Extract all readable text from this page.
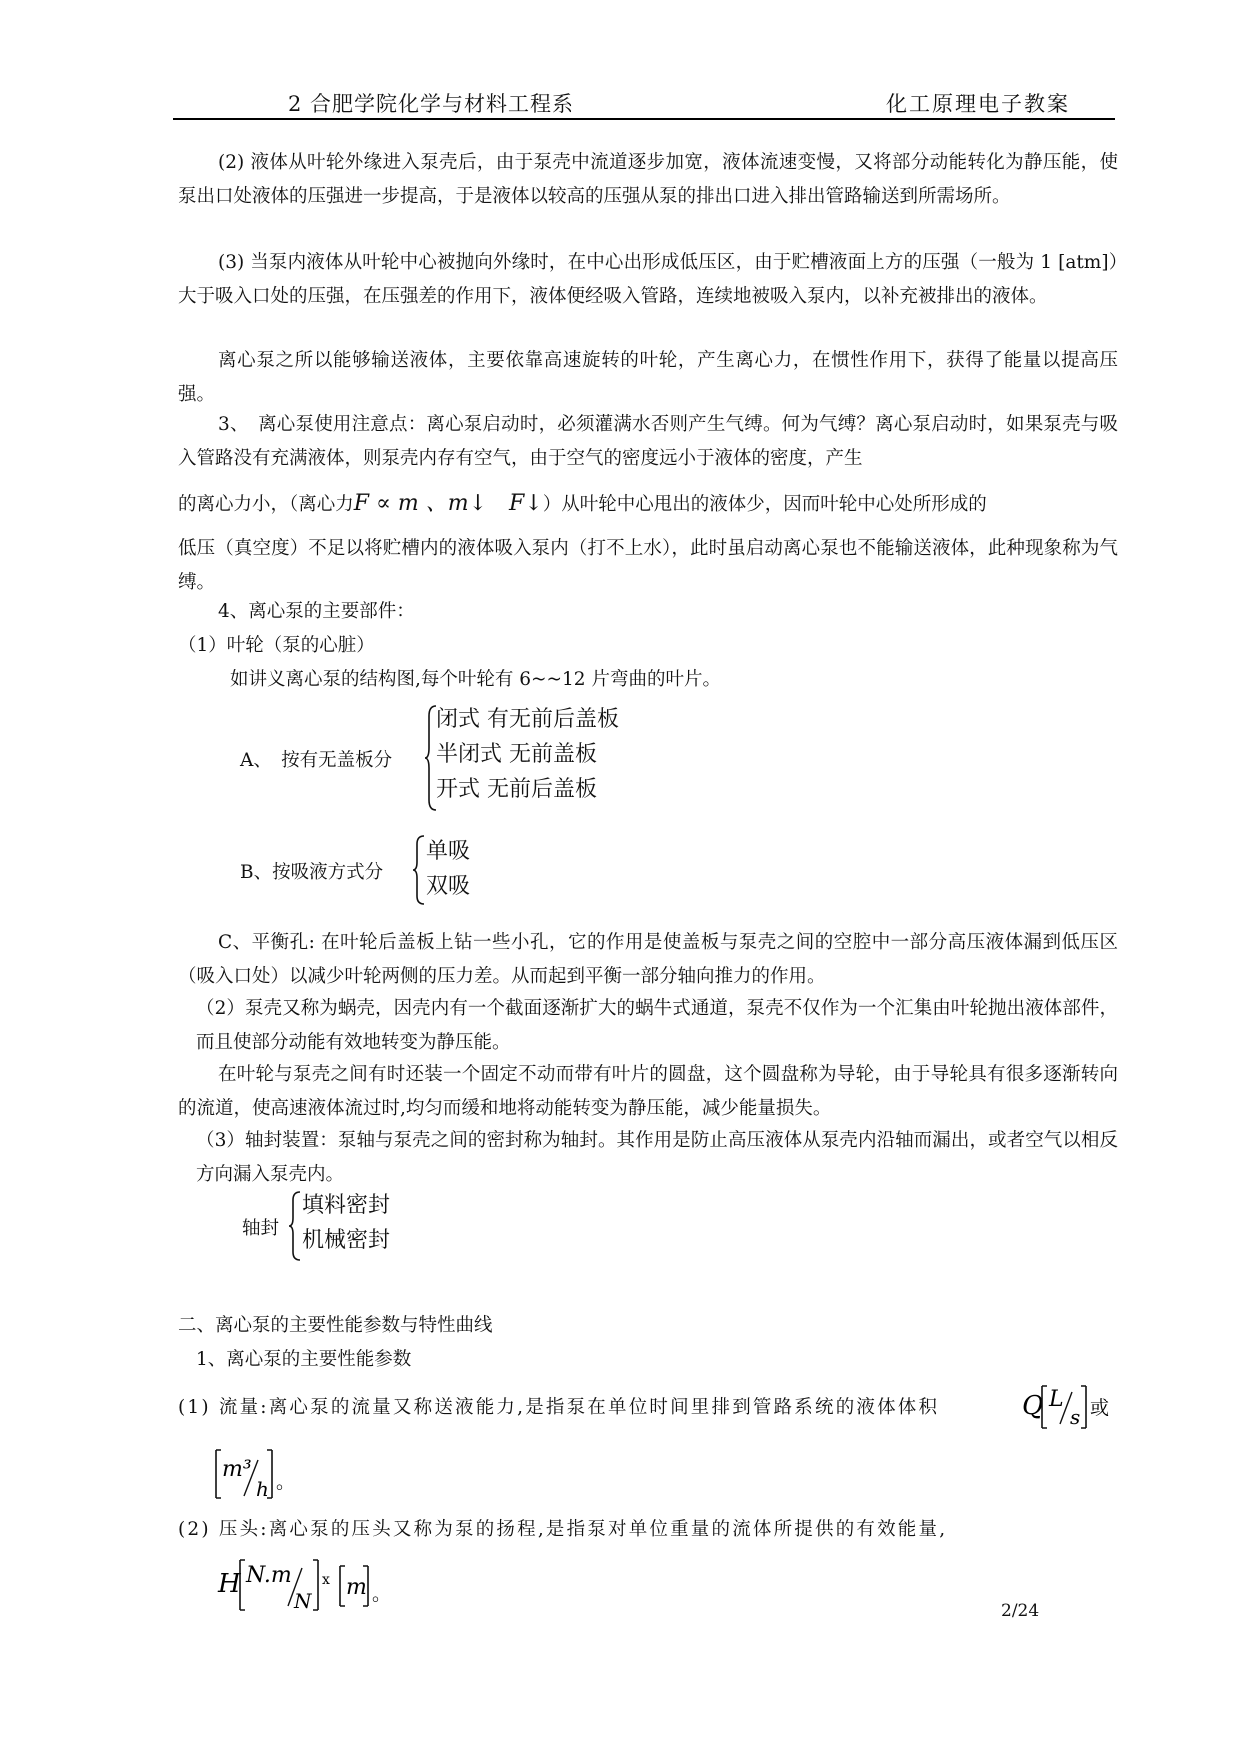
2 合肥学院化学与材料工程系	化工原理电子教案

(2) 液体从叶轮外缘进入泵壳后，由于泵壳中流道逐步加宽，液体流速变慢，又将部分动能转化为静压能，使泵出口处液体的压强进一步提高，于是液体以较高的压强从泵的排出口进入排出管路输送到所需场所。

(3) 当泵内液体从叶轮中心被抛向外缘时，在中心出形成低压区，由于贮槽液面上方的压强（一般为 1 [atm]）大于吸入口处的压强，在压强差的作用下，液体便经吸入管路，连续地被吸入泵内，以补充被排出的液体。

离心泵之所以能够输送液体，主要依靠高速旋转的叶轮，产生离心力，在惯性作用下，获得了能量以提高压强。

3、　离心泵使用注意点：离心泵启动时，必须灌满水否则产生气缚。何为气缚？离心泵启动时，如果泵壳与吸入管路没有充满液体，则泵壳内存有空气，由于空气的密度远小于液体的密度，产生

的离心力小，（离心力F ∝ m 、m↓　F↓）从叶轮中心甩出的液体少，因而叶轮中心处所形成的

低压（真空度）不足以将贮槽内的液体吸入泵内（打不上水），此时虽启动离心泵也不能输送液体，此种现象称为气缚。

4、离心泵的主要部件：
（1）叶轮（泵的心脏）
如讲义离心泵的结构图,每个叶轮有 6~~12 片弯曲的叶片。
A、　按有无盖板分
闭式 有无前后盖板
半闭式 无前盖板
开式 无前后盖板
B、按吸液方式分
单吸
双吸

C、平衡孔: 在叶轮后盖板上钻一些小孔，它的作用是使盖板与泵壳之间的空腔中一部分高压液体漏到低压区（吸入口处）以减少叶轮两侧的压力差。从而起到平衡一部分轴向推力的作用。

（2）泵壳又称为蜗壳，因壳内有一个截面逐渐扩大的蜗牛式通道，泵壳不仅作为一个汇集由叶轮抛出液体部件，而且使部分动能有效地转变为静压能。

在叶轮与泵壳之间有时还装一个固定不动而带有叶片的圆盘，这个圆盘称为导轮，由于导轮具有很多逐渐转向的流道，使高速液体流过时,均匀而缓和地将动能转变为静压能，减少能量损失。

（3）轴封装置：泵轴与泵壳之间的密封称为轴封。其作用是防止高压液体从泵壳内沿轴而漏出，或者空气以相反方向漏入泵壳内。

轴封
填料密封
机械密封
二、离心泵的主要性能参数与特性曲线
1、离心泵的主要性能参数
(1) 流量:离心泵的流量又称送液能力,是指泵在单位时间里排到管路系统的液体体积	Q L
s 或
m³
h 。
(2) 压头:离心泵的压头又称为泵的扬程,是指泵对单位重量的流体所提供的有效能量,
H N.m
N
ⅹ m 。
2/24
